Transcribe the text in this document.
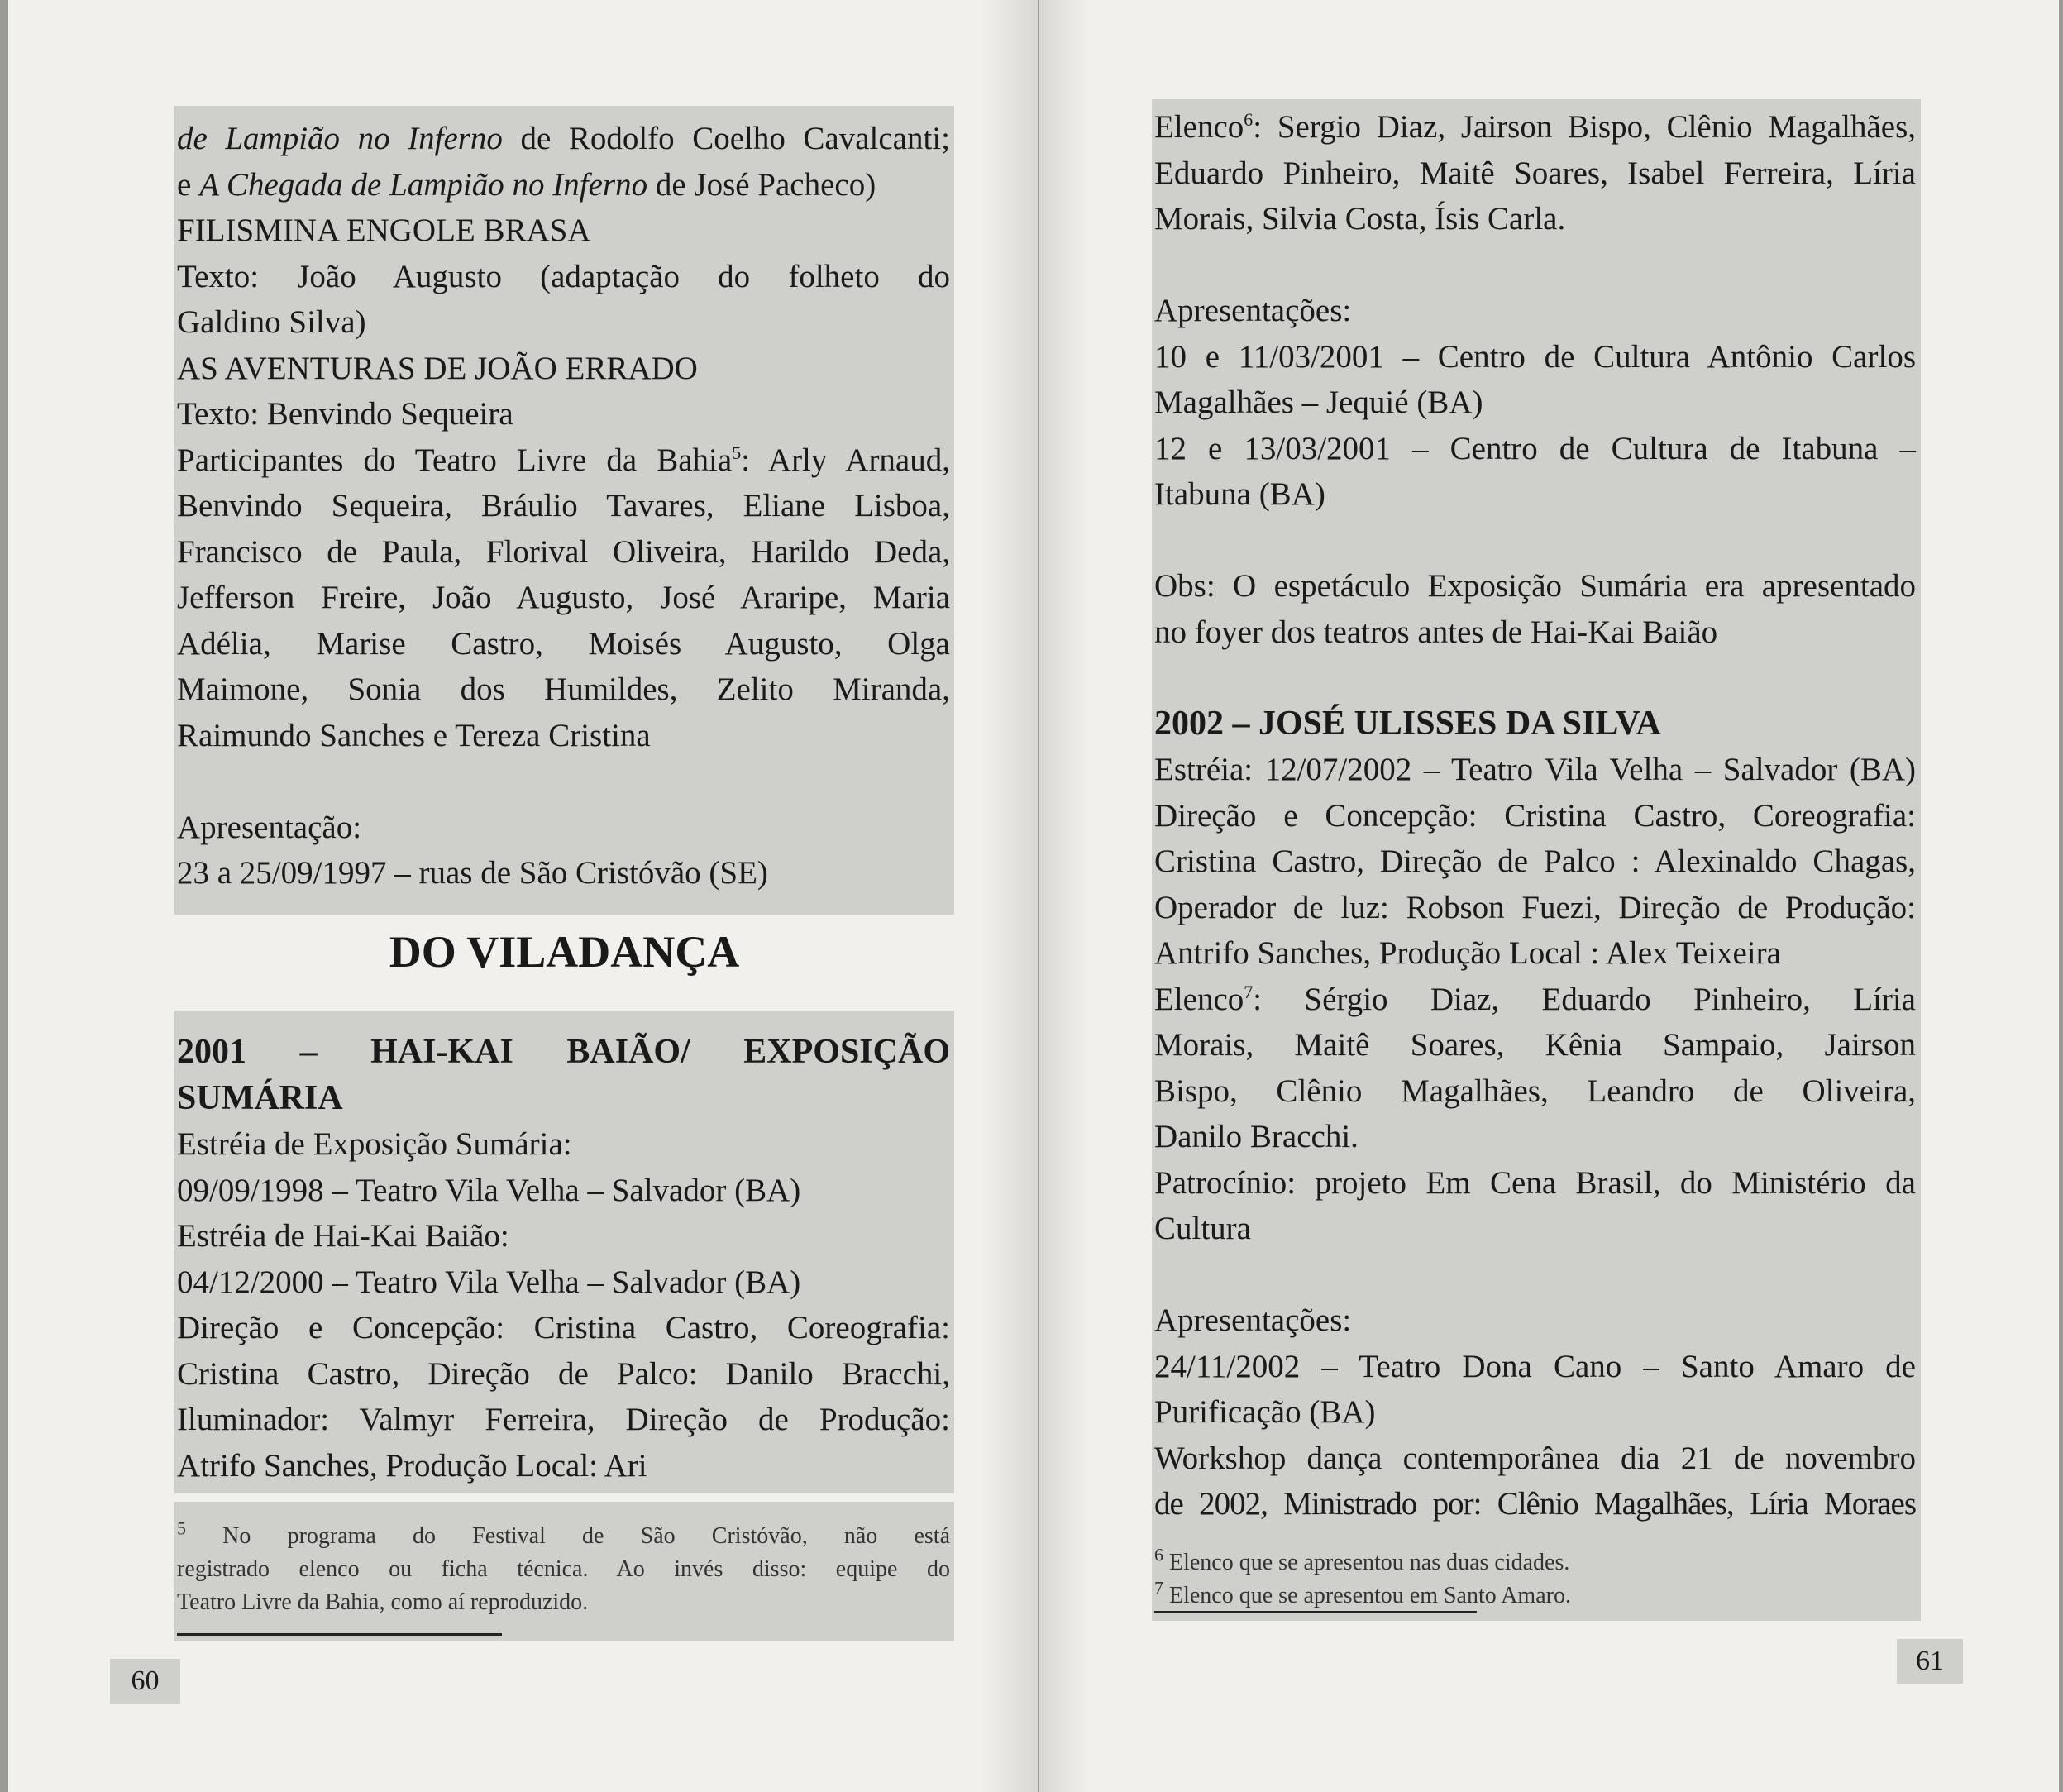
de Lampião no Inferno de Rodolfo Coelho Cavalcanti;
e A Chegada de Lampião no Inferno de José Pacheco)
FILISMINA ENGOLE BRASA
Texto: João Augusto (adaptação do folheto do
Galdino Silva)
AS AVENTURAS DE JOÃO ERRADO
Texto: Benvindo Sequeira
Participantes do Teatro Livre da Bahia$^5$: Arly Arnaud,
Benvindo Sequeira, Bráulio Tavares, Eliane Lisboa,
Francisco de Paula, Florival Oliveira, Harildo Deda,
Jefferson Freire, João Augusto, José Araripe, Maria
Adélia, Marise Castro, Moisés Augusto, Olga
Maimone, Sonia dos Humildes, Zelito Miranda,
Raimundo Sanches e Tereza Cristina
Apresentação:
23 a 25/09/1997 – ruas de São Cristóvão (SE)
DO VILADANÇA
2001 – HAI-KAI BAIÃO/ EXPOSIÇÃO
SUMÁRIA
Estréia de Exposição Sumária:
09/09/1998 – Teatro Vila Velha – Salvador (BA)
Estréia de Hai-Kai Baião:
04/12/2000 – Teatro Vila Velha – Salvador (BA)
Direção e Concepção: Cristina Castro, Coreografia:
Cristina Castro, Direção de Palco: Danilo Bracchi,
Iluminador: Valmyr Ferreira, Direção de Produção:
Atrifo Sanches, Produção Local: Ari
$^5$ No programa do Festival de São Cristóvão, não está
registrado elenco ou ficha técnica. Ao invés disso: equipe do
Teatro Livre da Bahia, como aí reproduzido.
60
Elenco$^6$: Sergio Diaz, Jairson Bispo, Clênio Magalhães,
Eduardo Pinheiro, Maitê Soares, Isabel Ferreira, Líria
Morais, Silvia Costa, Ísis Carla.
Apresentações:
10 e 11/03/2001 – Centro de Cultura Antônio Carlos
Magalhães – Jequié (BA)
12 e 13/03/2001 – Centro de Cultura de Itabuna –
Itabuna (BA)
Obs: O espetáculo Exposição Sumária era apresentado
no foyer dos teatros antes de Hai-Kai Baião
2002 – JOSÉ ULISSES DA SILVA
Estréia: 12/07/2002 – Teatro Vila Velha – Salvador (BA)
Direção e Concepção: Cristina Castro, Coreografia:
Cristina Castro, Direção de Palco : Alexinaldo Chagas,
Operador de luz: Robson Fuezi, Direção de Produção:
Antrifo Sanches, Produção Local : Alex Teixeira
Elenco$^7$: Sérgio Diaz, Eduardo Pinheiro, Líria
Morais, Maitê Soares, Kênia Sampaio, Jairson
Bispo, Clênio Magalhães, Leandro de Oliveira,
Danilo Bracchi.
Patrocínio: projeto Em Cena Brasil, do Ministério da
Cultura
Apresentações:
24/11/2002 – Teatro Dona Cano – Santo Amaro de
Purificação (BA)
Workshop dança contemporânea dia 21 de novembro
de 2002, Ministrado por: Clênio Magalhães, Líria Moraes
$^6$ Elenco que se apresentou nas duas cidades.
$^7$ Elenco que se apresentou em Santo Amaro.
61
